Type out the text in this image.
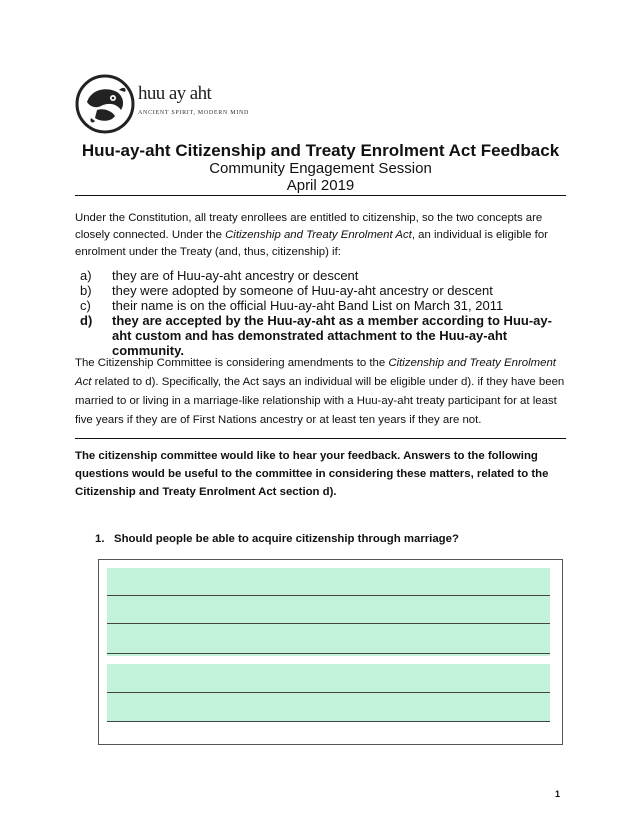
huu ay aht
ANCIENT SPIRIT, MODERN MIND
Huu-ay-aht Citizenship and Treaty Enrolment Act Feedback
Community Engagement Session
April 2019

Under the Constitution, all treaty enrollees are entitled to citizenship, so the two concepts are closely connected. Under the Citizenship and Treaty Enrolment Act, an individual is eligible for enrolment under the Treaty (and, thus, citizenship) if:

a) they are of Huu-ay-aht ancestry or descent
b) they were adopted by someone of Huu-ay-aht ancestry or descent
c) their name is on the official Huu-ay-aht Band List on March 31, 2011
d) they are accepted by the Huu-ay-aht as a member according to Huu-ay-aht custom and has demonstrated attachment to the Huu-ay-aht community.

The Citizenship Committee is considering amendments to the Citizenship and Treaty Enrolment Act related to d). Specifically, the Act says an individual will be eligible under d). if they have been married to or living in a marriage-like relationship with a Huu-ay-aht treaty participant for at least five years if they are of First Nations ancestry or at least ten years if they are not.

The citizenship committee would like to hear your feedback. Answers to the following questions would be useful to the committee in considering these matters, related to the Citizenship and Treaty Enrolment Act section d).

1. Should people be able to acquire citizenship through marriage?
1
